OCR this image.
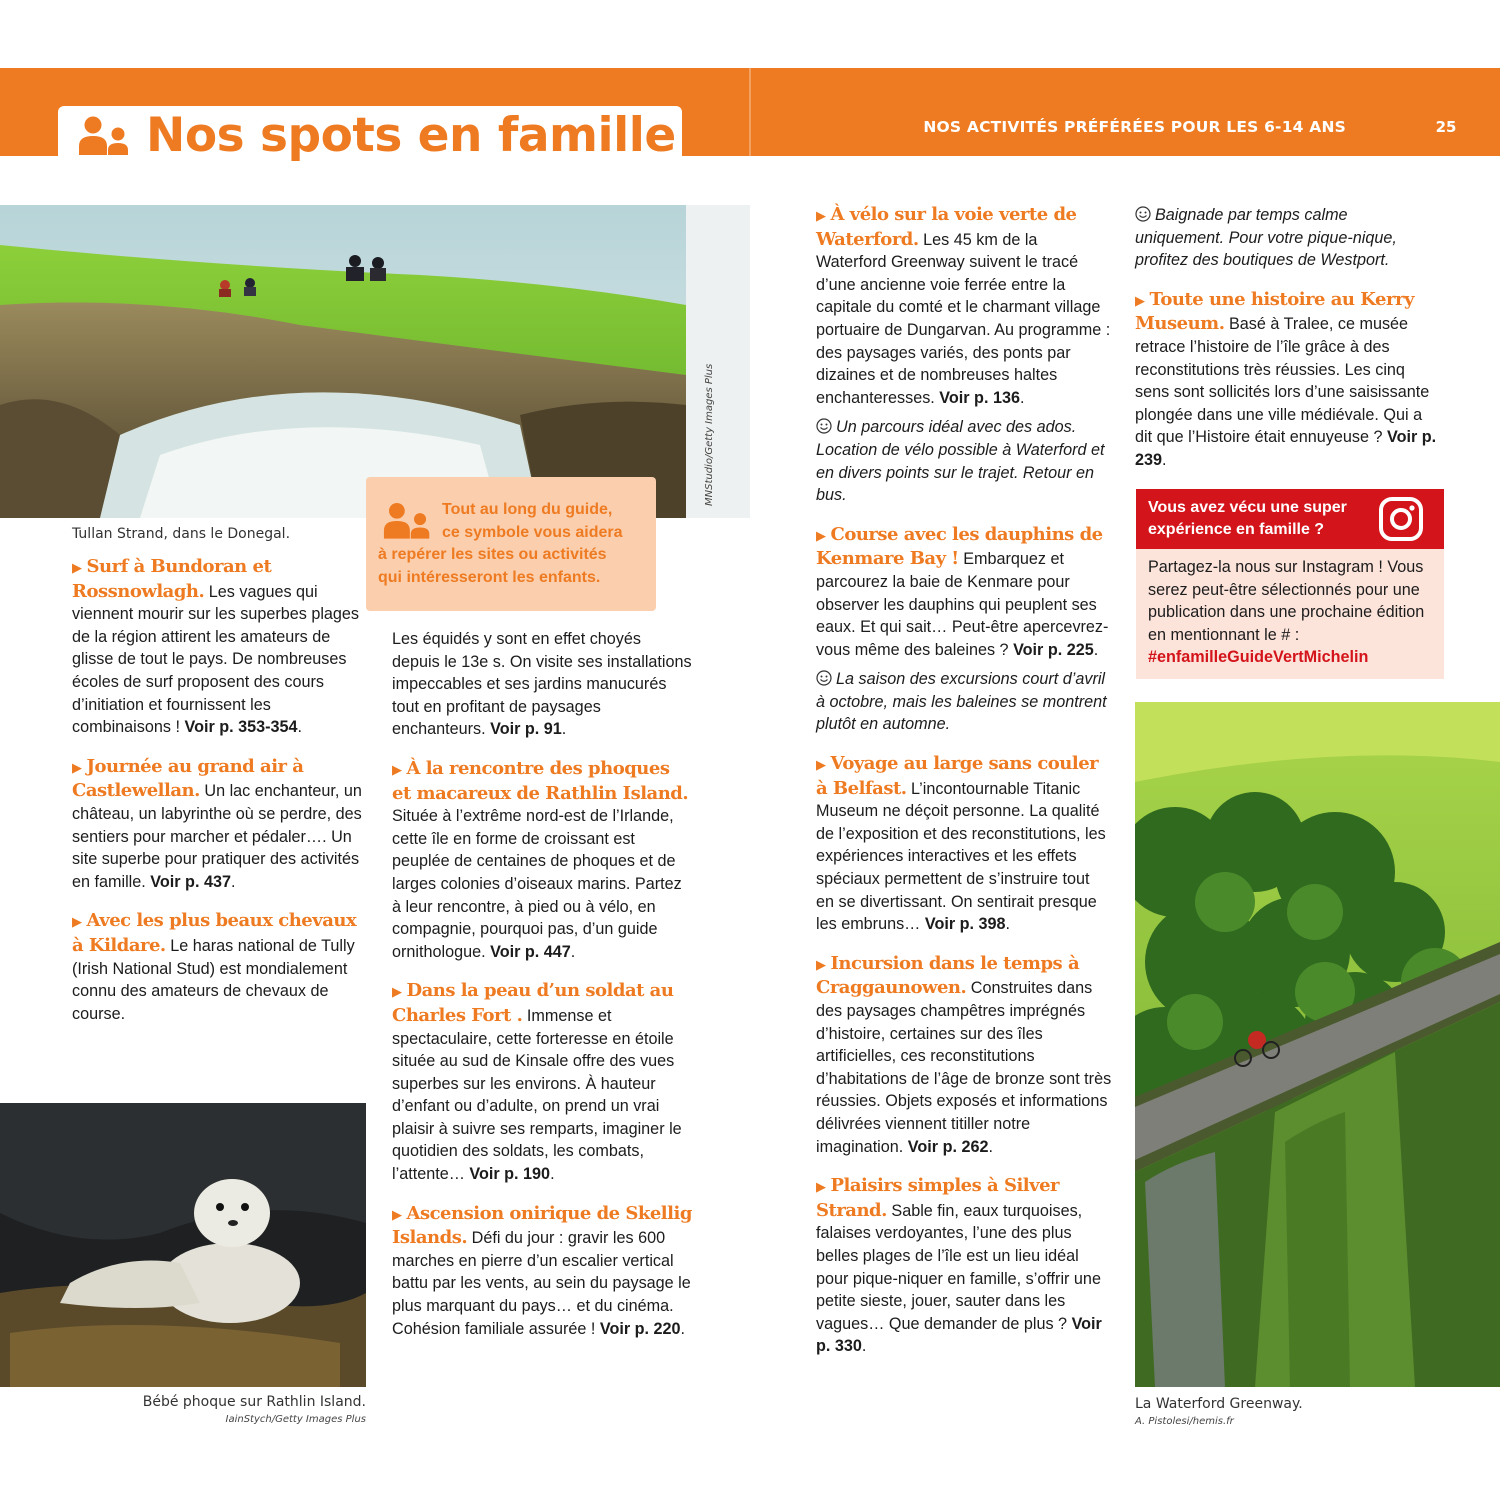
Nos spots en famille	NOS ACTIVITÉS PRÉFÉRÉES POUR LES 6-14 ANS	25
MNStudio/Getty Images Plus
Tullan Strand, dans le Donegal.
Tout au long du guide,
ce symbole vous aidera
à repérer les sites ou activités
qui intéresseront les enfants.

▶ Surf à Bundoran et Rossnowlagh. Les vagues qui viennent mourir sur les superbes plages de la région attirent les amateurs de glisse de tout le pays. De nombreuses écoles de surf proposent des cours d’initiation et fournissent les combinaisons ! Voir p. 353-354.

▶ Journée au grand air à Castlewellan. Un lac enchanteur, un château, un labyrinthe où se perdre, des sentiers pour marcher et pédaler…. Un site superbe pour pratiquer des activités en famille. Voir p. 437.

▶ Avec les plus beaux chevaux à Kildare. Le haras national de Tully (Irish National Stud) est mondialement connu des amateurs de chevaux de course.

Bébé phoque sur Rathlin Island.
IainStych/Getty Images Plus

Les équidés y sont en effet choyés depuis le 13e s. On visite ses installations impeccables et ses jardins manucurés tout en profitant de paysages enchanteurs. Voir p. 91.

▶ À la rencontre des phoques et macareux de Rathlin Island. Située à l’extrême nord-est de l’Irlande, cette île en forme de croissant est peuplée de centaines de phoques et de larges colonies d’oiseaux marins. Partez à leur rencontre, à pied ou à vélo, en compagnie, pourquoi pas, d’un guide ornithologue. Voir p. 447.

▶ Dans la peau d’un soldat au Charles Fort . Immense et spectaculaire, cette forteresse en étoile située au sud de Kinsale offre des vues superbes sur les environs. À hauteur d’enfant ou d’adulte, on prend un vrai plaisir à suivre ses remparts, imaginer le quotidien des soldats, les combats, l’attente… Voir p. 190.

▶ Ascension onirique de Skellig Islands. Défi du jour : gravir les 600 marches en pierre d’un escalier vertical battu par les vents, au sein du paysage le plus marquant du pays… et du cinéma. Cohésion familiale assurée ! Voir p. 220.

▶ À vélo sur la voie verte de Waterford. Les 45 km de la Waterford Greenway suivent le tracé d’une ancienne voie ferrée entre la capitale du comté et le charmant village portuaire de Dungarvan. Au programme : des paysages variés, des ponts par dizaines et de nombreuses haltes enchanteresses. Voir p. 136.

Un parcours idéal avec des ados. Location de vélo possible à Waterford et en divers points sur le trajet. Retour en bus.

▶ Course avec les dauphins de Kenmare Bay ! Embarquez et parcourez la baie de Kenmare pour observer les dauphins qui peuplent ses eaux. Et qui sait… Peut-être apercevrez-vous même des baleines ? Voir p. 225.

La saison des excursions court d’avril à octobre, mais les baleines se montrent plutôt en automne.

▶ Voyage au large sans couler à Belfast. L’incontournable Titanic Museum ne déçoit personne. La qualité de l’exposition et des reconstitutions, les expériences interactives et les effets spéciaux permettent de s’instruire tout en se divertissant. On sentirait presque les embruns… Voir p. 398.

▶ Incursion dans le temps à Craggaunowen. Construites dans des paysages champêtres imprégnés d’histoire, certaines sur des îles artificielles, ces reconstitutions d’habitations de l’âge de bronze sont très réussies. Objets exposés et informations délivrées viennent titiller notre imagination. Voir p. 262.

▶ Plaisirs simples à Silver Strand. Sable fin, eaux turquoises, falaises verdoyantes, l’une des plus belles plages de l’île est un lieu idéal pour pique-niquer en famille, s’offrir une petite sieste, jouer, sauter dans les vagues… Que demander de plus ? Voir p. 330.

Baignade par temps calme uniquement. Pour votre pique-nique, profitez des boutiques de Westport.

▶ Toute une histoire au Kerry Museum. Basé à Tralee, ce musée retrace l’histoire de l’île grâce à des reconstitutions très réussies. Les cinq sens sont sollicités lors d’une saisissante plongée dans une ville médiévale. Qui a dit que l’Histoire était ennuyeuse ? Voir p. 239.

Vous avez vécu une super expérience en famille ?
Partagez-la nous sur Instagram ! Vous serez peut-être sélectionnés pour une publication dans une prochaine édition en mentionnant le # : #enfamilleGuideVertMichelin
La Waterford Greenway.
A. Pistolesi/hemis.fr
